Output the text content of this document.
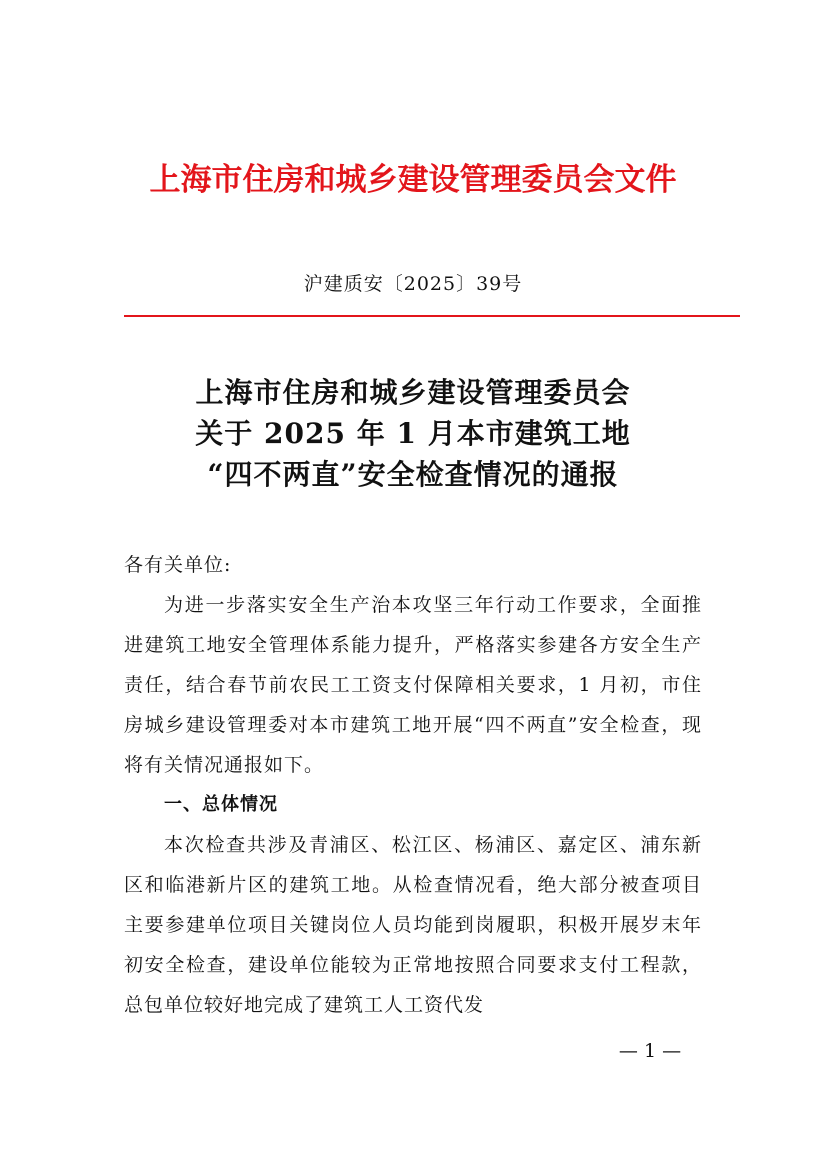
上海市住房和城乡建设管理委员会文件
沪建质安〔2025〕39号
上海市住房和城乡建设管理委员会
关于 2025 年 1 月本市建筑工地
“四不两直”安全检查情况的通报

各有关单位:

为进一步落实安全生产治本攻坚三年行动工作要求，全面推进建筑工地安全管理体系能力提升，严格落实参建各方安全生产责任，结合春节前农民工工资支付保障相关要求，1 月初，市住房城乡建设管理委对本市建筑工地开展“四不两直”安全检查，现将有关情况通报如下。

一、总体情况

本次检查共涉及青浦区、松江区、杨浦区、嘉定区、浦东新区和临港新片区的建筑工地。从检查情况看，绝大部分被查项目主要参建单位项目关键岗位人员均能到岗履职，积极开展岁末年初安全检查，建设单位能较为正常地按照合同要求支付工程款，总包单位较好地完成了建筑工人工资代发

— 1 —
